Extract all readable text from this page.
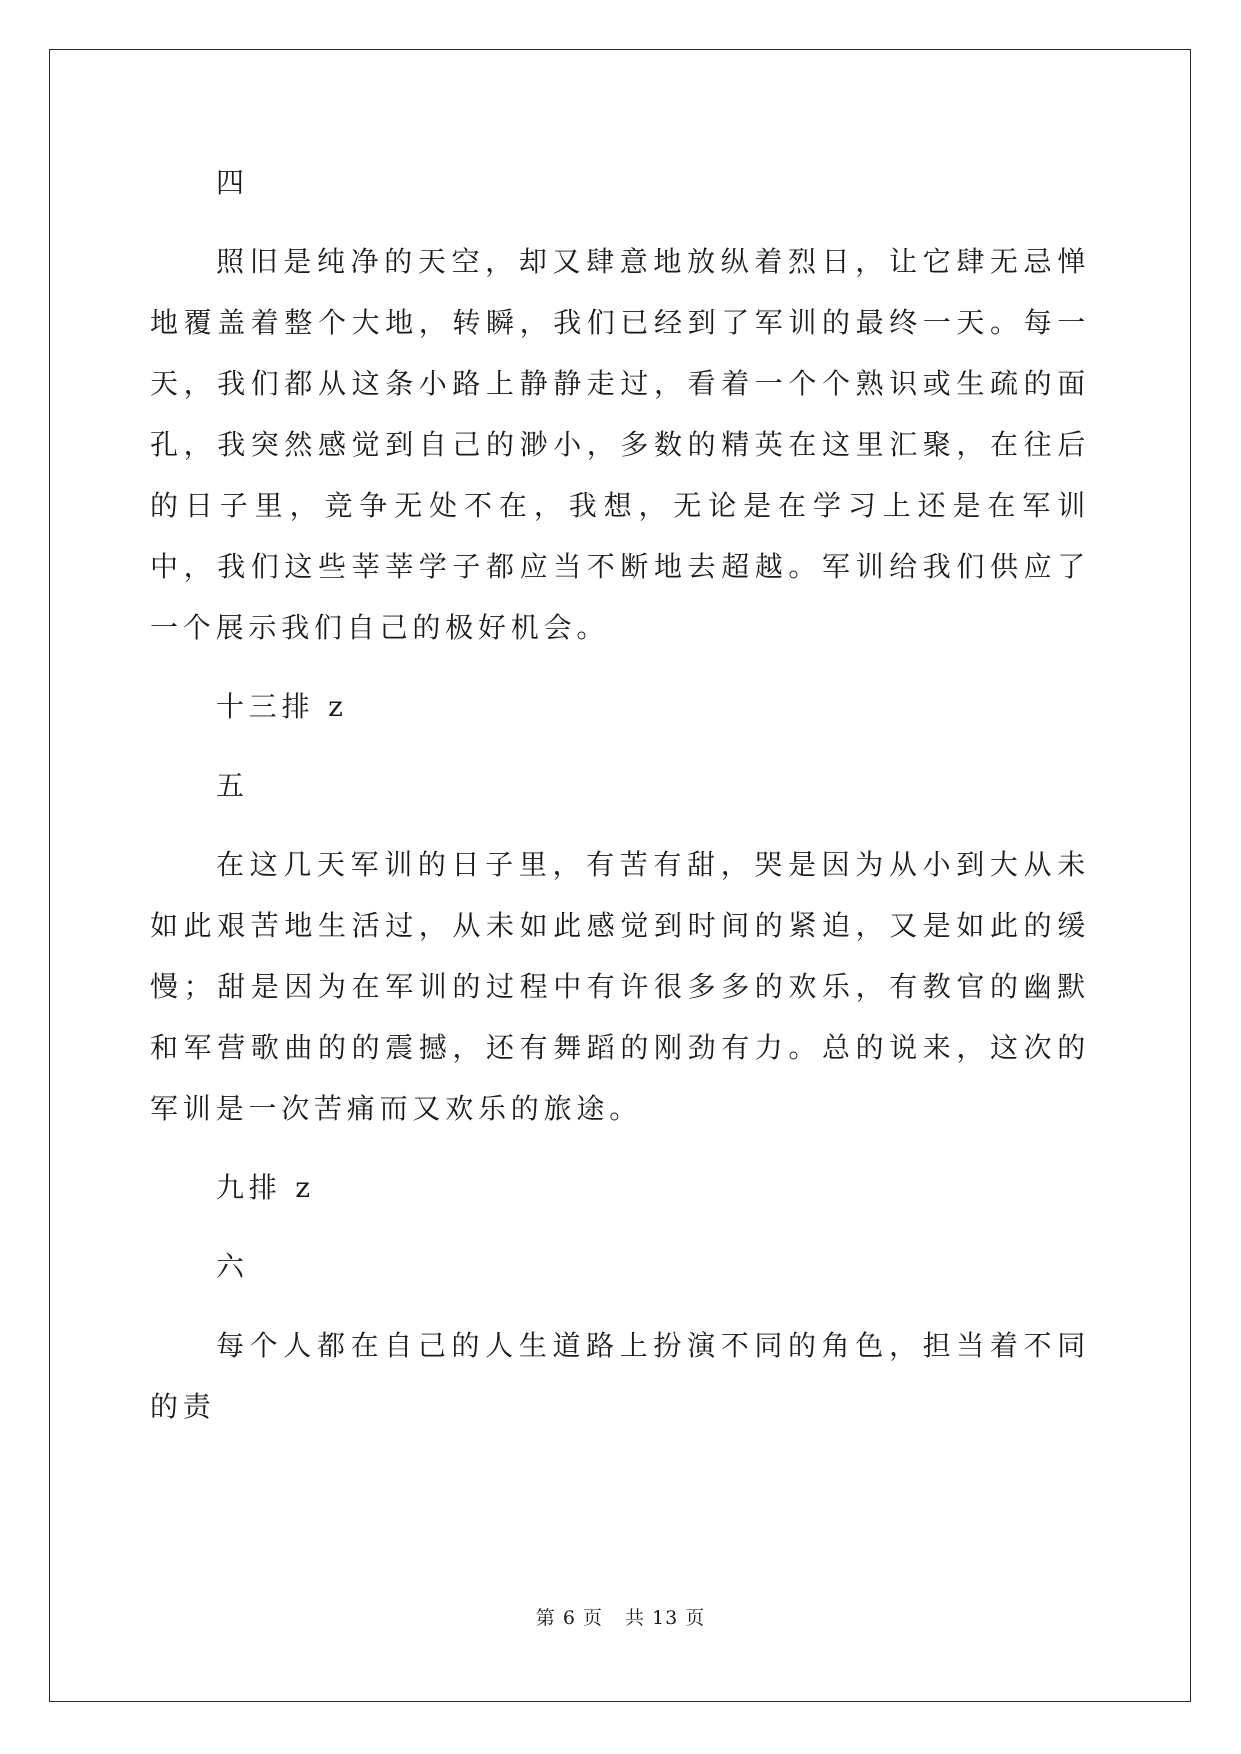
四

照旧是纯净的天空，却又肆意地放纵着烈日，让它肆无忌惮地覆盖着整个大地，转瞬，我们已经到了军训的最终一天。每一天，我们都从这条小路上静静走过，看着一个个熟识或生疏的面孔，我突然感觉到自己的渺小，多数的精英在这里汇聚，在往后的日子里，竞争无处不在，我想，无论是在学习上还是在军训中，我们这些莘莘学子都应当不断地去超越。军训给我们供应了一个展示我们自己的极好机会。

十三排 z

五

在这几天军训的日子里，有苦有甜，哭是因为从小到大从未如此艰苦地生活过，从未如此感觉到时间的紧迫，又是如此的缓慢；甜是因为在军训的过程中有许很多多的欢乐，有教官的幽默和军营歌曲的的震撼，还有舞蹈的刚劲有力。总的说来，这次的军训是一次苦痛而又欢乐的旅途。

九排 z

六

每个人都在自己的人生道路上扮演不同的角色，担当着不同的责

第 6 页 共 13 页
